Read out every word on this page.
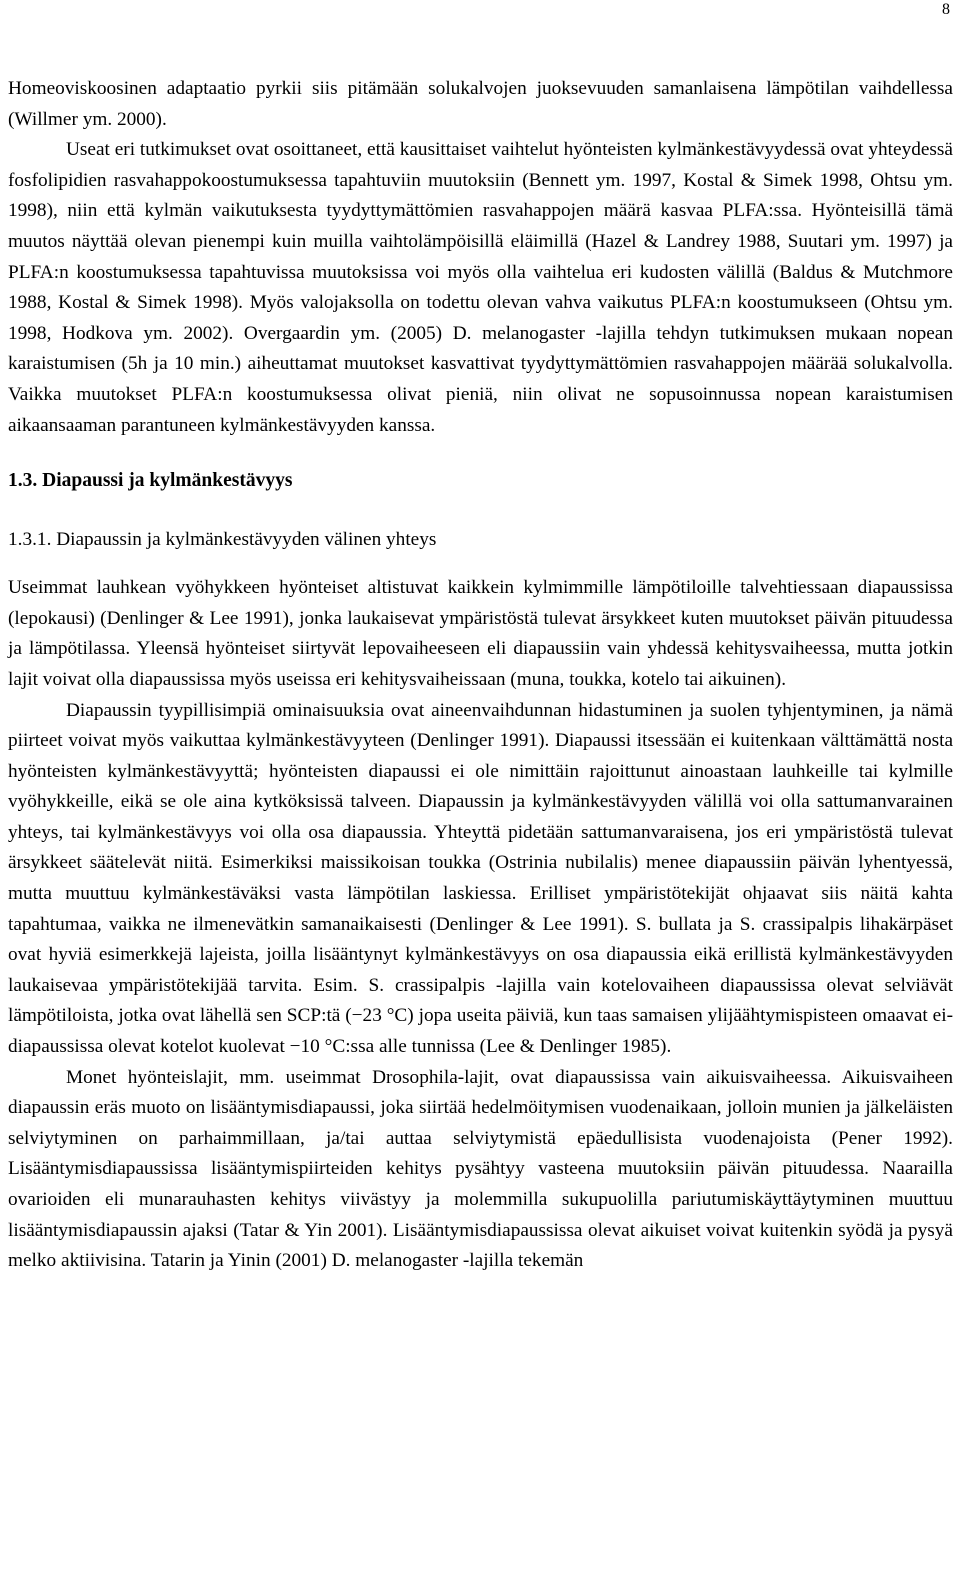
8

Homeoviskoosinen adaptaatio pyrkii siis pitämään solukalvojen juoksevuuden samanlaisena lämpötilan vaihdellessa (Willmer ym. 2000).

Useat eri tutkimukset ovat osoittaneet, että kausittaiset vaihtelut hyönteisten kylmänkestävyydessä ovat yhteydessä fosfolipidien rasvahappokoostumuksessa tapahtuviin muutoksiin (Bennett ym. 1997, Kostal & Simek 1998, Ohtsu ym. 1998), niin että kylmän vaikutuksesta tyydyttymättömien rasvahappojen määrä kasvaa PLFA:ssa. Hyönteisillä tämä muutos näyttää olevan pienempi kuin muilla vaihtolämpöisillä eläimillä (Hazel & Landrey 1988, Suutari ym. 1997) ja PLFA:n koostumuksessa tapahtuvissa muutoksissa voi myös olla vaihtelua eri kudosten välillä (Baldus & Mutchmore 1988, Kostal & Simek 1998). Myös valojaksolla on todettu olevan vahva vaikutus PLFA:n koostumukseen (Ohtsu ym. 1998, Hodkova ym. 2002). Overgaardin ym. (2005) D. melanogaster -lajilla tehdyn tutkimuksen mukaan nopean karaistumisen (5h ja 10 min.) aiheuttamat muutokset kasvattivat tyydyttymättömien rasvahappojen määrää solukalvolla. Vaikka muutokset PLFA:n koostumuksessa olivat pieniä, niin olivat ne sopusoinnussa nopean karaistumisen aikaansaaman parantuneen kylmänkestävyyden kanssa.

1.3. Diapaussi ja kylmänkestävyys
1.3.1. Diapaussin ja kylmänkestävyyden välinen yhteys

Useimmat lauhkean vyöhykkeen hyönteiset altistuvat kaikkein kylmimmille lämpötiloille talvehtiessaan diapaussissa (lepokausi) (Denlinger & Lee 1991), jonka laukaisevat ympäristöstä tulevat ärsykkeet kuten muutokset päivän pituudessa ja lämpötilassa. Yleensä hyönteiset siirtyvät lepovaiheeseen eli diapaussiin vain yhdessä kehitysvaiheessa, mutta jotkin lajit voivat olla diapaussissa myös useissa eri kehitysvaiheissaan (muna, toukka, kotelo tai aikuinen).

Diapaussin tyypillisimpiä ominaisuuksia ovat aineenvaihdunnan hidastuminen ja suolen tyhjentyminen, ja nämä piirteet voivat myös vaikuttaa kylmänkestävyyteen (Denlinger 1991). Diapaussi itsessään ei kuitenkaan välttämättä nosta hyönteisten kylmänkestävyyttä; hyönteisten diapaussi ei ole nimittäin rajoittunut ainoastaan lauhkeille tai kylmille vyöhykkeille, eikä se ole aina kytköksissä talveen. Diapaussin ja kylmänkestävyyden välillä voi olla sattumanvarainen yhteys, tai kylmänkestävyys voi olla osa diapaussia. Yhteyttä pidetään sattumanvaraisena, jos eri ympäristöstä tulevat ärsykkeet säätelevät niitä. Esimerkiksi maissikoisan toukka (Ostrinia nubilalis) menee diapaussiin päivän lyhentyessä, mutta muuttuu kylmänkestäväksi vasta lämpötilan laskiessa. Erilliset ympäristötekijät ohjaavat siis näitä kahta tapahtumaa, vaikka ne ilmenevätkin samanaikaisesti (Denlinger & Lee 1991). S. bullata ja S. crassipalpis lihakärpäset ovat hyviä esimerkkejä lajeista, joilla lisääntynyt kylmänkestävyys on osa diapaussia eikä erillistä kylmänkestävyyden laukaisevaa ympäristötekijää tarvita. Esim. S. crassipalpis -lajilla vain kotelovaiheen diapaussissa olevat selviävät lämpötiloista, jotka ovat lähellä sen SCP:tä (−23 °C) jopa useita päiviä, kun taas samaisen ylijäähtymispisteen omaavat ei-diapaussissa olevat kotelot kuolevat −10 °C:ssa alle tunnissa (Lee & Denlinger 1985).

Monet hyönteislajit, mm. useimmat Drosophila-lajit, ovat diapaussissa vain aikuisvaiheessa. Aikuisvaiheen diapaussin eräs muoto on lisääntymisdiapaussi, joka siirtää hedelmöitymisen vuodenaikaan, jolloin munien ja jälkeläisten selviytyminen on parhaimmillaan, ja/tai auttaa selviytymistä epäedullisista vuodenajoista (Pener 1992). Lisääntymisdiapaussissa lisääntymispiirteiden kehitys pysähtyy vasteena muutoksiin päivän pituudessa. Naarailla ovarioiden eli munarauhasten kehitys viivästyy ja molemmilla sukupuolilla pariutumiskäyttäytyminen muuttuu lisääntymisdiapaussin ajaksi (Tatar & Yin 2001). Lisääntymisdiapaussissa olevat aikuiset voivat kuitenkin syödä ja pysyä melko aktiivisina. Tatarin ja Yinin (2001) D. melanogaster -lajilla tekemän
